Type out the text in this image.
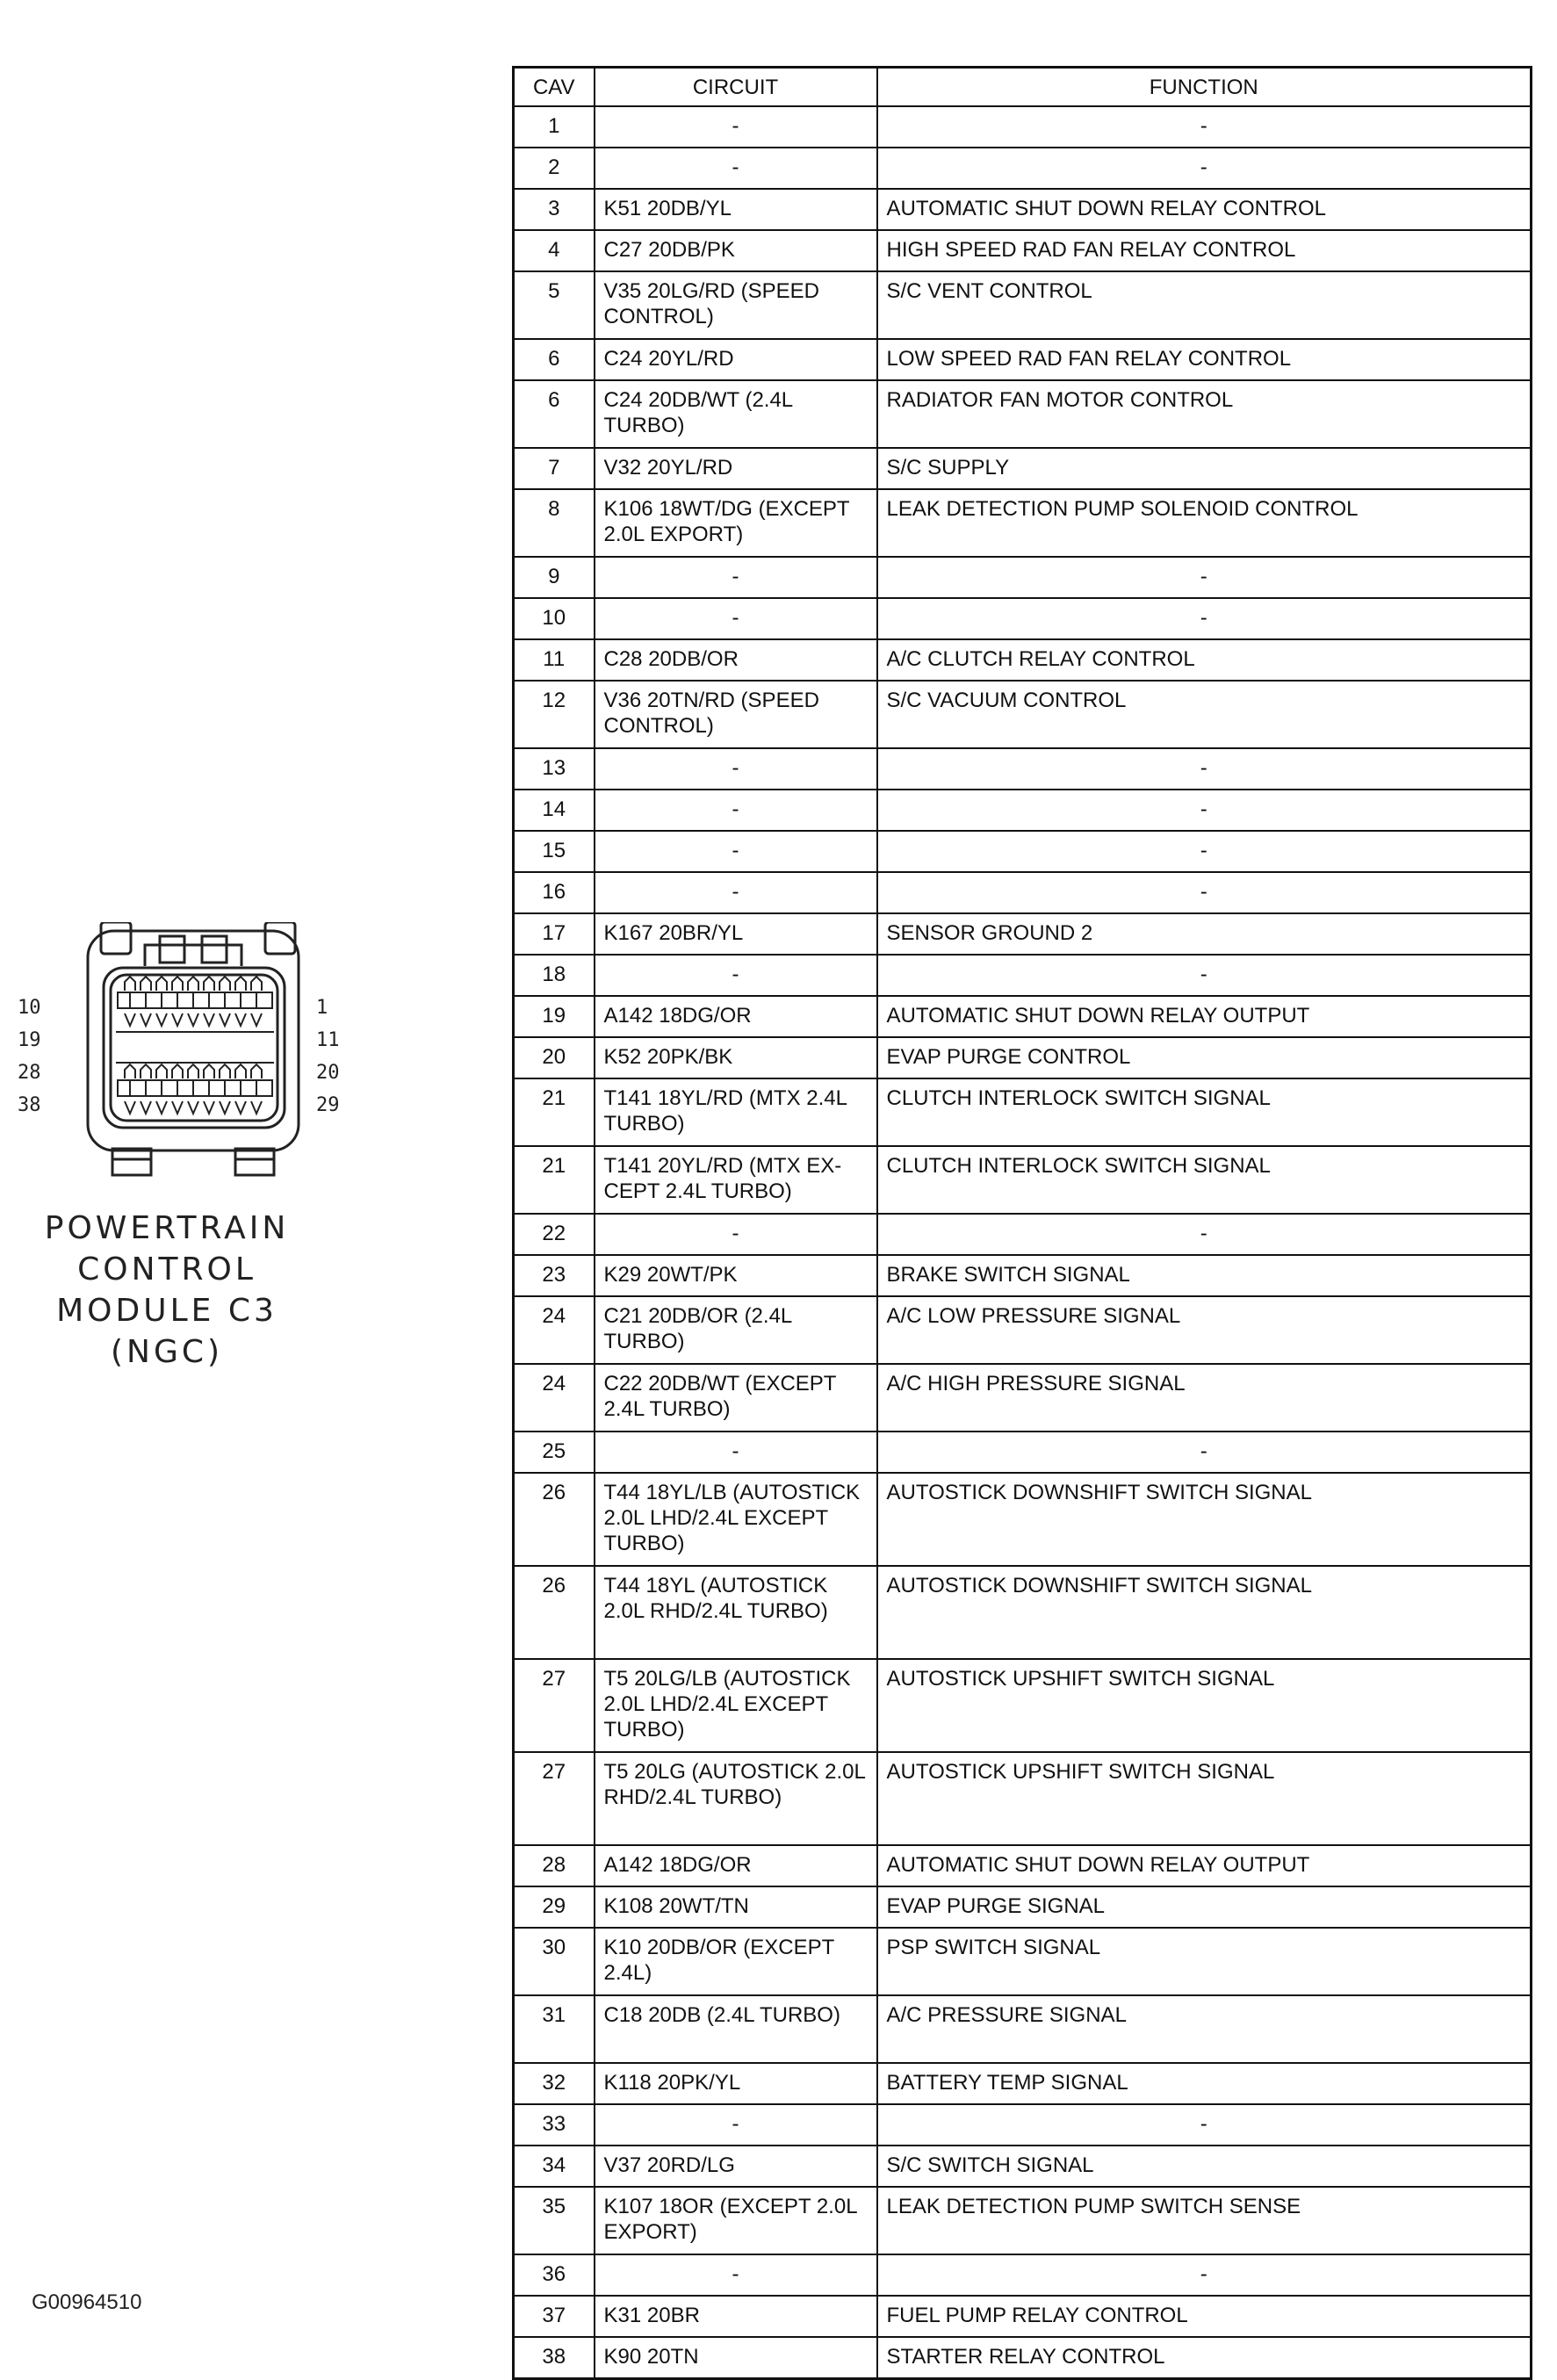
10
19
28
38
1
11
20
29
POWERTRAIN
CONTROL
MODULE C3
(NGC)
G00964510
CAV	CIRCUIT	FUNCTION
1	-	-
2	-	-
3	K51 20DB/YL	AUTOMATIC SHUT DOWN RELAY CONTROL
4	C27 20DB/PK	HIGH SPEED RAD FAN RELAY CONTROL
5	V35 20LG/RD (SPEED CONTROL)	S/C VENT CONTROL
6	C24 20YL/RD	LOW SPEED RAD FAN RELAY CONTROL
6	C24 20DB/WT (2.4L TURBO)	RADIATOR FAN MOTOR CONTROL
7	V32 20YL/RD	S/C SUPPLY
8	K106 18WT/DG (EXCEPT 2.0L EXPORT)	LEAK DETECTION PUMP SOLENOID CONTROL
9	-	-
10	-	-
11	C28 20DB/OR	A/C CLUTCH RELAY CONTROL
12	V36 20TN/RD (SPEED CONTROL)	S/C VACUUM CONTROL
13	-	-
14	-	-
15	-	-
16	-	-
17	K167 20BR/YL	SENSOR GROUND 2
18	-	-
19	A142 18DG/OR	AUTOMATIC SHUT DOWN RELAY OUTPUT
20	K52 20PK/BK	EVAP PURGE CONTROL
21	T141 18YL/RD (MTX 2.4L TURBO)	CLUTCH INTERLOCK SWITCH SIGNAL
21	T141 20YL/RD (MTX EX-CEPT 2.4L TURBO)	CLUTCH INTERLOCK SWITCH SIGNAL
22	-	-
23	K29 20WT/PK	BRAKE SWITCH SIGNAL
24	C21 20DB/OR (2.4L TURBO)	A/C LOW PRESSURE SIGNAL
24	C22 20DB/WT (EXCEPT 2.4L TURBO)	A/C HIGH PRESSURE SIGNAL
25	-	-
26	T44 18YL/LB (AUTOSTICK 2.0L LHD/2.4L EXCEPT TURBO)	AUTOSTICK DOWNSHIFT SWITCH SIGNAL
26	T44 18YL (AUTOSTICK 2.0L RHD/2.4L TURBO)	AUTOSTICK DOWNSHIFT SWITCH SIGNAL
27	T5 20LG/LB (AUTOSTICK 2.0L LHD/2.4L EXCEPT TURBO)	AUTOSTICK UPSHIFT SWITCH SIGNAL
27	T5 20LG (AUTOSTICK 2.0L RHD/2.4L TURBO)	AUTOSTICK UPSHIFT SWITCH SIGNAL
28	A142 18DG/OR	AUTOMATIC SHUT DOWN RELAY OUTPUT
29	K108 20WT/TN	EVAP PURGE SIGNAL
30	K10 20DB/OR (EXCEPT 2.4L)	PSP SWITCH SIGNAL
31	C18 20DB (2.4L TURBO)	A/C PRESSURE SIGNAL
32	K118 20PK/YL	BATTERY TEMP SIGNAL
33	-	-
34	V37 20RD/LG	S/C SWITCH SIGNAL
35	K107 18OR (EXCEPT 2.0L EXPORT)	LEAK DETECTION PUMP SWITCH SENSE
36	-	-
37	K31 20BR	FUEL PUMP RELAY CONTROL
38	K90 20TN	STARTER RELAY CONTROL
